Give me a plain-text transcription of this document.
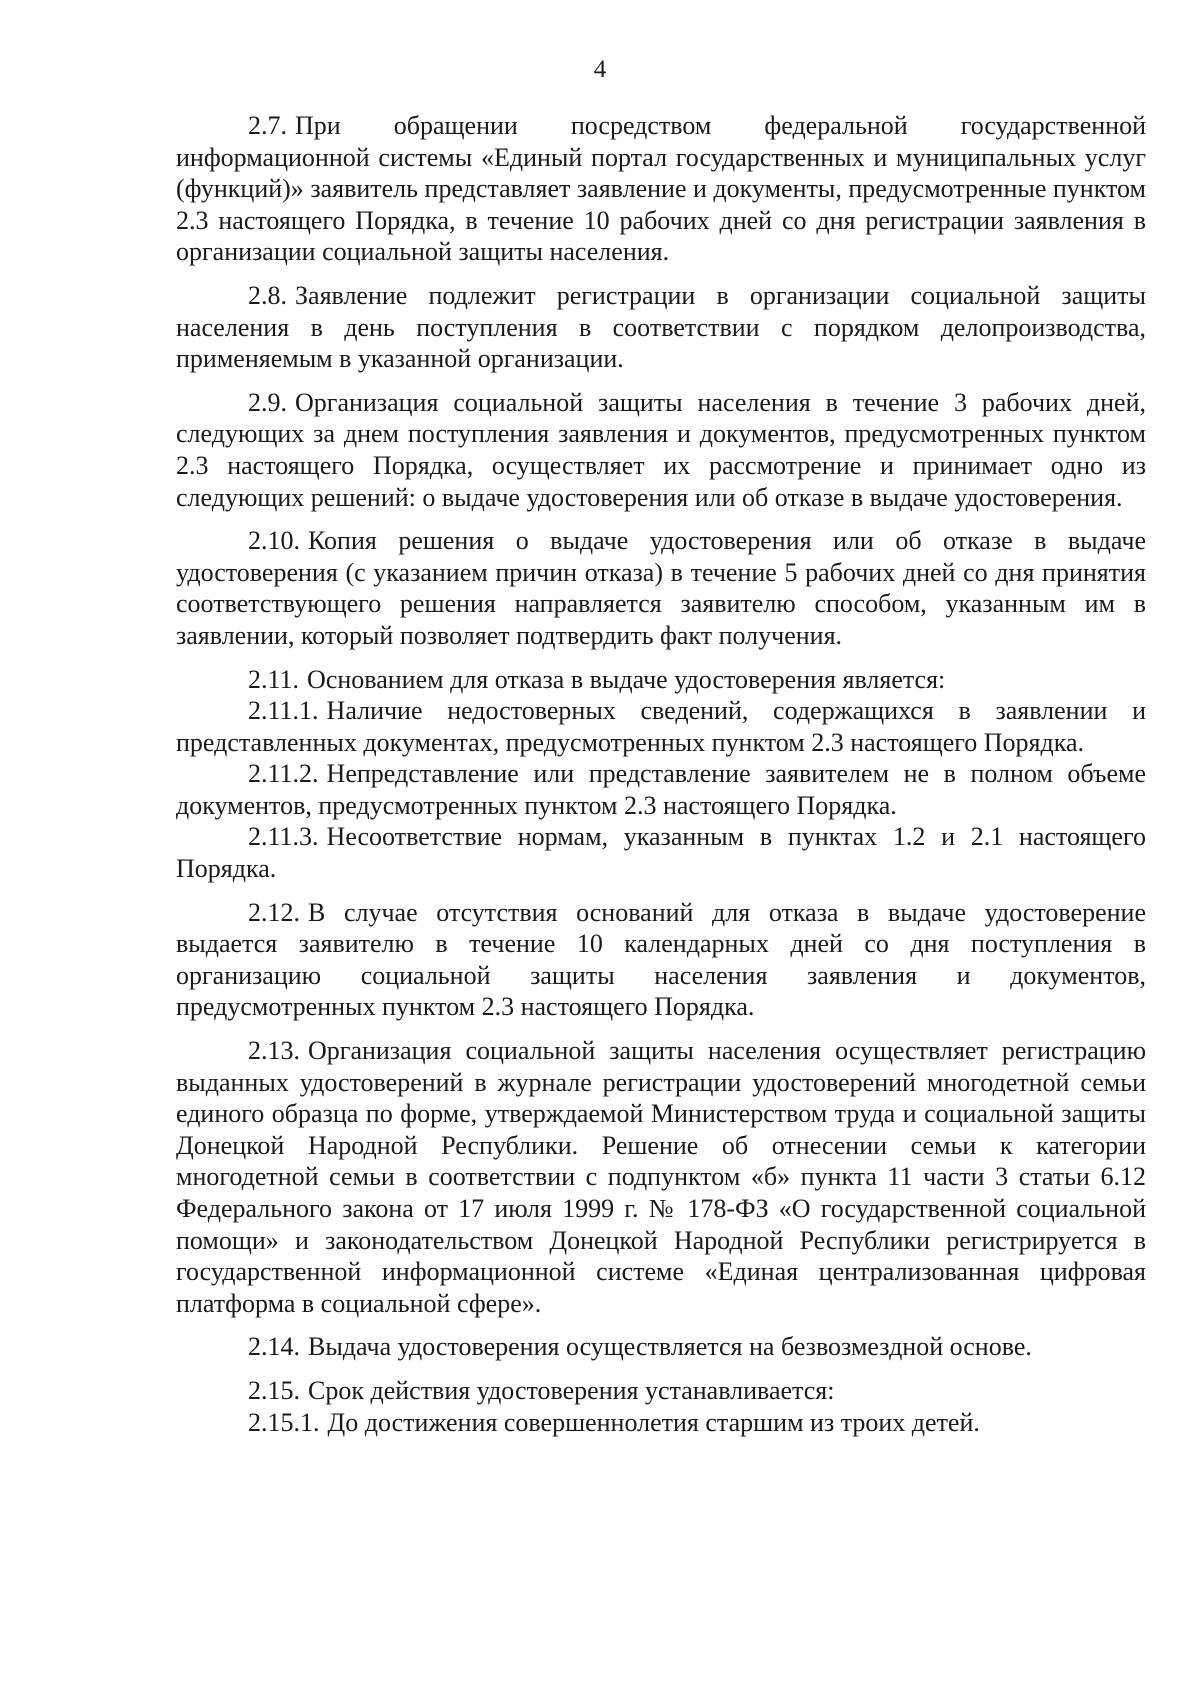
4

2.7. При обращении посредством федеральной государственной информационной системы «Единый портал государственных и муниципальных услуг (функций)» заявитель представляет заявление и документы, предусмотренные пунктом 2.3 настоящего Порядка, в течение 10 рабочих дней со дня регистрации заявления в организации социальной защиты населения.

2.8. Заявление подлежит регистрации в организации социальной защиты населения в день поступления в соответствии с порядком делопроизводства, применяемым в указанной организации.

2.9. Организация социальной защиты населения в течение 3 рабочих дней, следующих за днем поступления заявления и документов, предусмотренных пунктом 2.3 настоящего Порядка, осуществляет их рассмотрение и принимает одно из следующих решений: о выдаче удостоверения или об отказе в выдаче удостоверения.

2.10. Копия решения о выдаче удостоверения или об отказе в выдаче удостоверения (с указанием причин отказа) в течение 5 рабочих дней со дня принятия соответствующего решения направляется заявителю способом, указанным им в заявлении, который позволяет подтвердить факт получения.

2.11. Основанием для отказа в выдаче удостоверения является:

2.11.1. Наличие недостоверных сведений, содержащихся в заявлении и представленных документах, предусмотренных пунктом 2.3 настоящего Порядка.

2.11.2. Непредставление или представление заявителем не в полном объеме документов, предусмотренных пунктом 2.3 настоящего Порядка.

2.11.3. Несоответствие нормам, указанным в пунктах 1.2 и 2.1 настоящего Порядка.

2.12. В случае отсутствия оснований для отказа в выдаче удостоверение выдается заявителю в течение 10 календарных дней со дня поступления в организацию социальной защиты населения заявления и документов, предусмотренных пунктом 2.3 настоящего Порядка.

2.13. Организация социальной защиты населения осуществляет регистрацию выданных удостоверений в журнале регистрации удостоверений многодетной семьи единого образца по форме, утверждаемой Министерством труда и социальной защиты Донецкой Народной Республики. Решение об отнесении семьи к категории многодетной семьи в соответствии с подпунктом «б» пункта 11 части 3 статьи 6.12 Федерального закона от 17 июля 1999 г. № 178-ФЗ «О государственной социальной помощи» и законодательством Донецкой Народной Республики регистрируется в государственной информационной системе «Единая централизованная цифровая платформа в социальной сфере».

2.14. Выдача удостоверения осуществляется на безвозмездной основе.

2.15. Срок действия удостоверения устанавливается:

2.15.1. До достижения совершеннолетия старшим из троих детей.
